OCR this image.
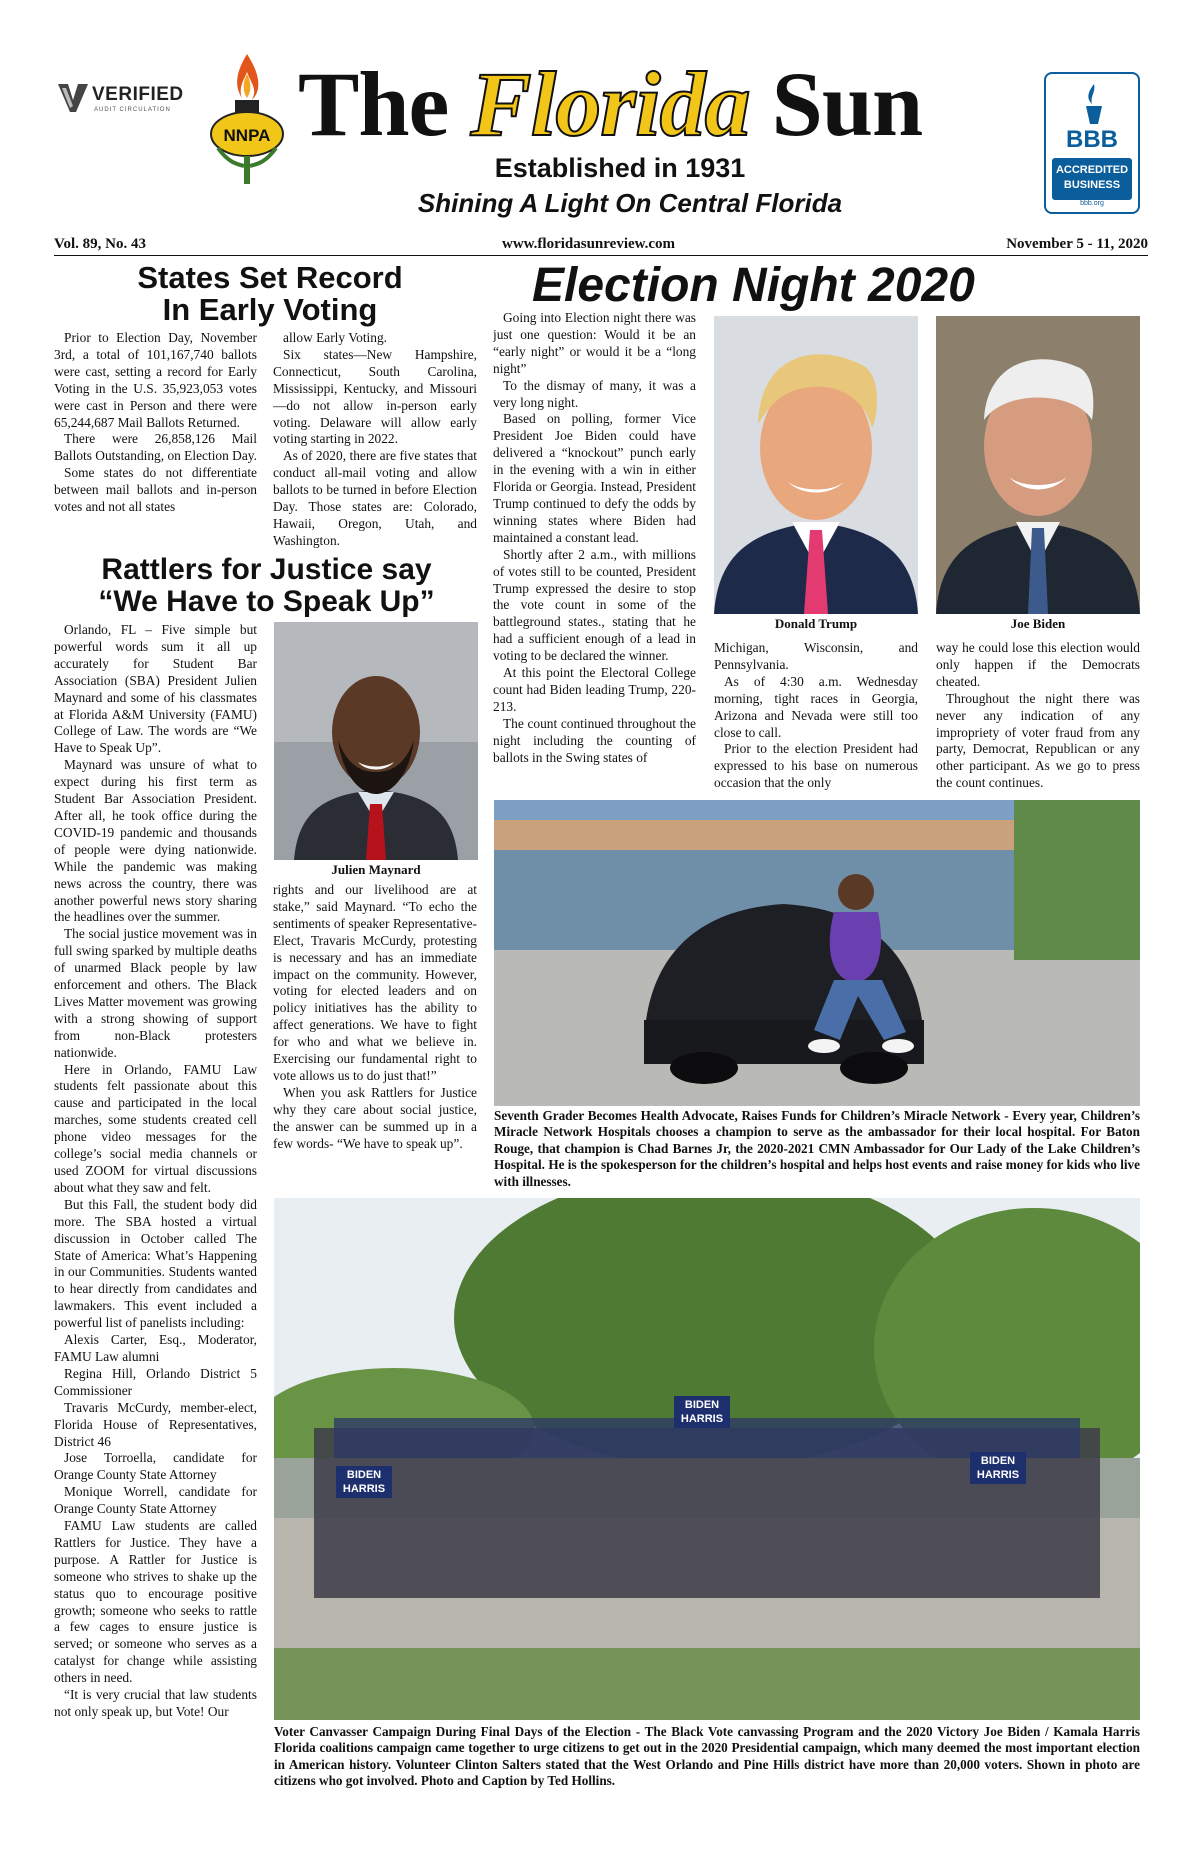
VERIFIED
AUDIT CIRCULATION
NNPA The Florida Sun
Established in 1931
Shining A Light On Central Florida
BBB
ACCREDITED
BUSINESS
bbb.org
Vol. 89, No. 43	www.floridasunreview.com	November 5 - 11, 2020
States Set Record
In Early Voting

Prior to Election Day, November 3rd, a total of 101,167,740 ballots were cast, setting a record for Early Voting in the U.S. 35,923,053 votes were cast in Person and there were 65,244,687 Mail Ballots Returned.

There were 26,858,126 Mail Ballots Outstanding, on Election Day.

Some states do not differentiate between mail ballots and in-person votes and not all states

allow Early Voting.

Six states—New Hampshire, Connecticut, South Carolina, Mississippi, Kentucky, and Missouri—do not allow in-person early voting. Delaware will allow early voting starting in 2022.

As of 2020, there are five states that conduct all-mail voting and allow ballots to be turned in before Election Day. Those states are: Colorado, Hawaii, Oregon, Utah, and Washington.

Rattlers for Justice say
“We Have to Speak Up”

Orlando, FL – Five simple but powerful words sum it all up accurately for Student Bar Association (SBA) President Julien Maynard and some of his classmates at Florida A&M University (FAMU) College of Law. The words are “We Have to Speak Up”.

Maynard was unsure of what to expect during his first term as Student Bar Association President. After all, he took office during the COVID-19 pandemic and thousands of people were dying nationwide. While the pandemic was making news across the country, there was another powerful news story sharing the headlines over the summer.

The social justice movement was in full swing sparked by multiple deaths of unarmed Black people by law enforcement and others. The Black Lives Matter movement was growing with a strong showing of support from non-Black protesters nationwide.

Here in Orlando, FAMU Law students felt passionate about this cause and participated in the local marches, some students created cell phone video messages for the college’s social media channels or used ZOOM for virtual discussions about what they saw and felt.

But this Fall, the student body did more. The SBA hosted a virtual discussion in October called The State of America: What’s Happening in our Communities. Students wanted to hear directly from candidates and lawmakers. This event included a powerful list of panelists including:

Alexis Carter, Esq., Moderator, FAMU Law alumni

Regina Hill, Orlando District 5 Commissioner

Travaris McCurdy, member-elect, Florida House of Representatives, District 46

Jose Torroella, candidate for Orange County State Attorney

Monique Worrell, candidate for Orange County State Attorney

FAMU Law students are called Rattlers for Justice. They have a purpose. A Rattler for Justice is someone who strives to shake up the status quo to encourage positive growth; someone who seeks to rattle a few cages to ensure justice is served; or someone who serves as a catalyst for change while assisting others in need.

“It is very crucial that law students not only speak up, but Vote! Our

Julien Maynard

rights and our livelihood are at stake,” said Maynard. “To echo the sentiments of speaker Representative-Elect, Travaris McCurdy, protesting is necessary and has an immediate impact on the community. However, voting for elected leaders and on policy initiatives has the ability to affect generations. We have to fight for who and what we believe in. Exercising our fundamental right to vote allows us to do just that!”

When you ask Rattlers for Justice why they care about social justice, the answer can be summed up in a few words- “We have to speak up”.

Election Night 2020

Going into Election night there was just one question: Would it be an “early night” or would it be a “long night”

To the dismay of many, it was a very long night.

Based on polling, former Vice President Joe Biden could have delivered a “knockout” punch early in the evening with a win in either Florida or Georgia. Instead, President Trump continued to defy the odds by winning states where Biden had maintained a constant lead.

Shortly after 2 a.m., with millions of votes still to be counted, President Trump expressed the desire to stop the vote count in some of the battleground states., stating that he had a sufficient enough of a lead in voting to be declared the winner.

At this point the Electoral College count had Biden leading Trump, 220-213.

The count continued throughout the night including the counting of ballots in the Swing states of

Donald Trump	Joe Biden

Michigan, Wisconsin, and Pennsylvania.

As of 4:30 a.m. Wednesday morning, tight races in Georgia, Arizona and Nevada were still too close to call.

Prior to the election President had expressed to his base on numerous occasion that the only

way he could lose this election would only happen if the Democrats cheated.

Throughout the night there was never any indication of any impropriety of voter fraud from any party, Democrat, Republican or any other participant. As we go to press the count continues.

Seventh Grader Becomes Health Advocate, Raises Funds for Children’s Miracle Network - Every year, Children’s Miracle Network Hospitals chooses a champion to serve as the ambassador for their local hospital. For Baton Rouge, that champion is Chad Barnes Jr, the 2020-2021 CMN Ambassador for Our Lady of the Lake Children’s Hospital. He is the spokesperson for the children’s hospital and helps host events and raise money for kids who live with illnesses.
BIDEN
HARRIS
BIDEN
HARRIS
BIDEN
HARRIS
Voter Canvasser Campaign During Final Days of the Election - The Black Vote canvassing Program and the 2020 Victory Joe Biden / Kamala Harris Florida coalitions campaign came together to urge citizens to get out in the 2020 Presidential campaign, which many deemed the most important election in American history. Volunteer Clinton Salters stated that the West Orlando and Pine Hills district have more than 20,000 voters. Shown in photo are citizens who got involved. Photo and Caption by Ted Hollins.
